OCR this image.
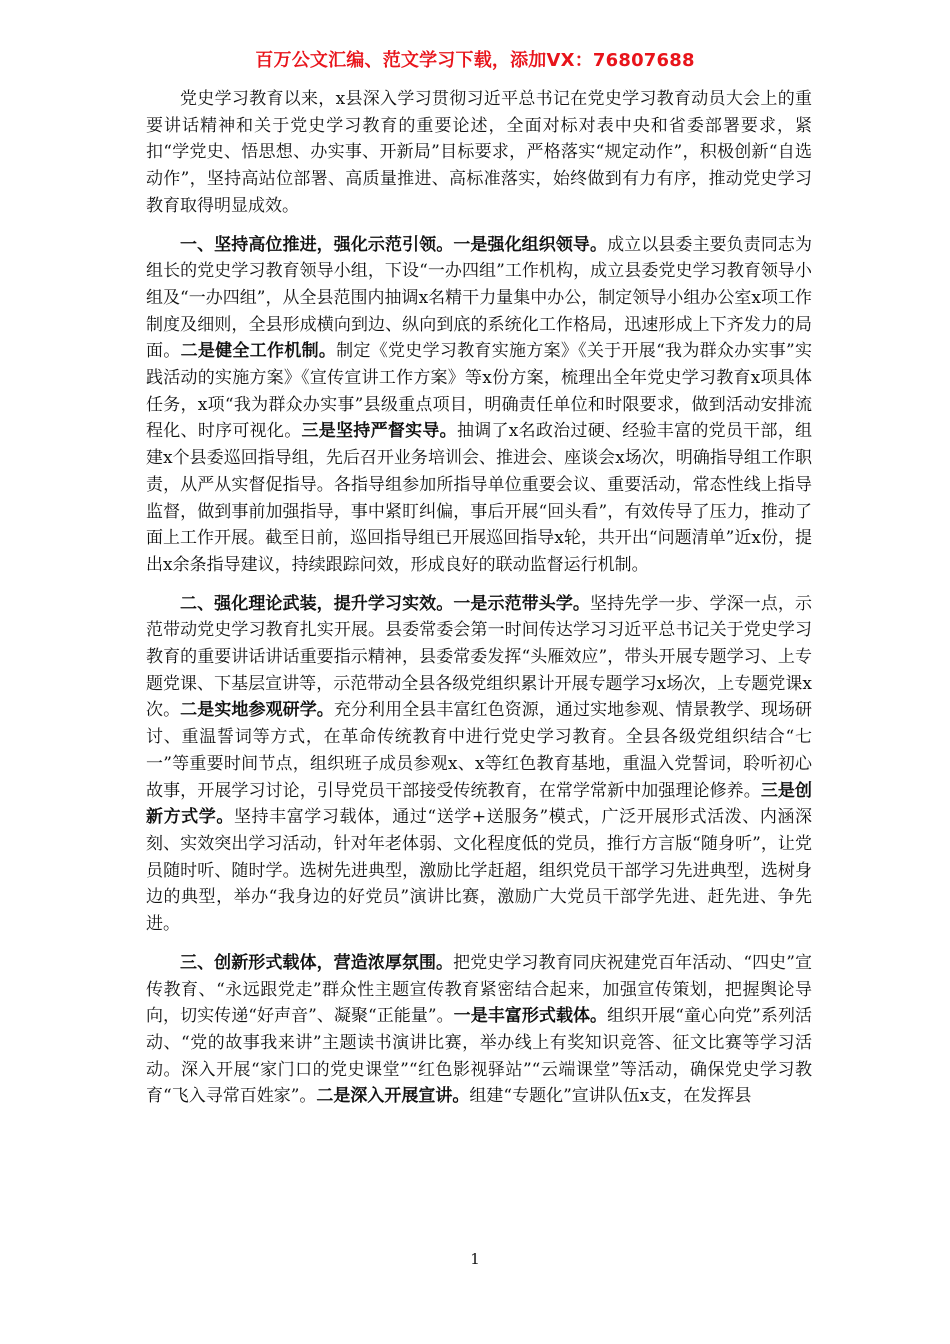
百万公文汇编、范文学习下载，添加VX：76807688

党史学习教育以来，x县深入学习贯彻习近平总书记在党史学习教育动员大会上的重要讲话精神和关于党史学习教育的重要论述，全面对标对表中央和省委部署要求，紧扣“学党史、悟思想、办实事、开新局”目标要求，严格落实“规定动作”，积极创新“自选动作”，坚持高站位部署、高质量推进、高标准落实，始终做到有力有序，推动党史学习教育取得明显成效。

一、坚持高位推进，强化示范引领。一是强化组织领导。成立以县委主要负责同志为组长的党史学习教育领导小组，下设“一办四组”工作机构，成立县委党史学习教育领导小组及“一办四组”，从全县范围内抽调x名精干力量集中办公，制定领导小组办公室x项工作制度及细则，全县形成横向到边、纵向到底的系统化工作格局，迅速形成上下齐发力的局面。二是健全工作机制。制定《党史学习教育实施方案》《关于开展“我为群众办实事”实践活动的实施方案》《宣传宣讲工作方案》等x份方案，梳理出全年党史学习教育x项具体任务，x项“我为群众办实事”县级重点项目，明确责任单位和时限要求，做到活动安排流程化、时序可视化。三是坚持严督实导。抽调了x名政治过硬、经验丰富的党员干部，组建x个县委巡回指导组，先后召开业务培训会、推进会、座谈会x场次，明确指导组工作职责，从严从实督促指导。各指导组参加所指导单位重要会议、重要活动，常态性线上指导监督，做到事前加强指导，事中紧盯纠偏，事后开展“回头看”，有效传导了压力，推动了面上工作开展。截至日前，巡回指导组已开展巡回指导x轮，共开出“问题清单”近x份，提出x余条指导建议，持续跟踪问效，形成良好的联动监督运行机制。

二、强化理论武装，提升学习实效。一是示范带头学。坚持先学一步、学深一点，示范带动党史学习教育扎实开展。县委常委会第一时间传达学习习近平总书记关于党史学习教育的重要讲话讲话重要指示精神，县委常委发挥“头雁效应”，带头开展专题学习、上专题党课、下基层宣讲等，示范带动全县各级党组织累计开展专题学习x场次，上专题党课x次。二是实地参观研学。充分利用全县丰富红色资源，通过实地参观、情景教学、现场研讨、重温誓词等方式，在革命传统教育中进行党史学习教育。全县各级党组织结合“七一”等重要时间节点，组织班子成员参观x、x等红色教育基地，重温入党誓词，聆听初心故事，开展学习讨论，引导党员干部接受传统教育，在常学常新中加强理论修养。三是创新方式学。坚持丰富学习载体，通过“送学+送服务”模式，广泛开展形式活泼、内涵深刻、实效突出学习活动，针对年老体弱、文化程度低的党员，推行方言版“随身听”，让党员随时听、随时学。选树先进典型，激励比学赶超，组织党员干部学习先进典型，选树身边的典型，举办“我身边的好党员”演讲比赛，激励广大党员干部学先进、赶先进、争先进。

三、创新形式载体，营造浓厚氛围。把党史学习教育同庆祝建党百年活动、“四史”宣传教育、“永远跟党走”群众性主题宣传教育紧密结合起来，加强宣传策划，把握舆论导向，切实传递“好声音”、凝聚“正能量”。一是丰富形式载体。组织开展“童心向党”系列活动、“党的故事我来讲”主题读书演讲比赛，举办线上有奖知识竞答、征文比赛等学习活动。深入开展“家门口的党史课堂”“红色影视驿站”“云端课堂”等活动，确保党史学习教育“飞入寻常百姓家”。二是深入开展宣讲。组建“专题化”宣讲队伍x支，在发挥县

1
